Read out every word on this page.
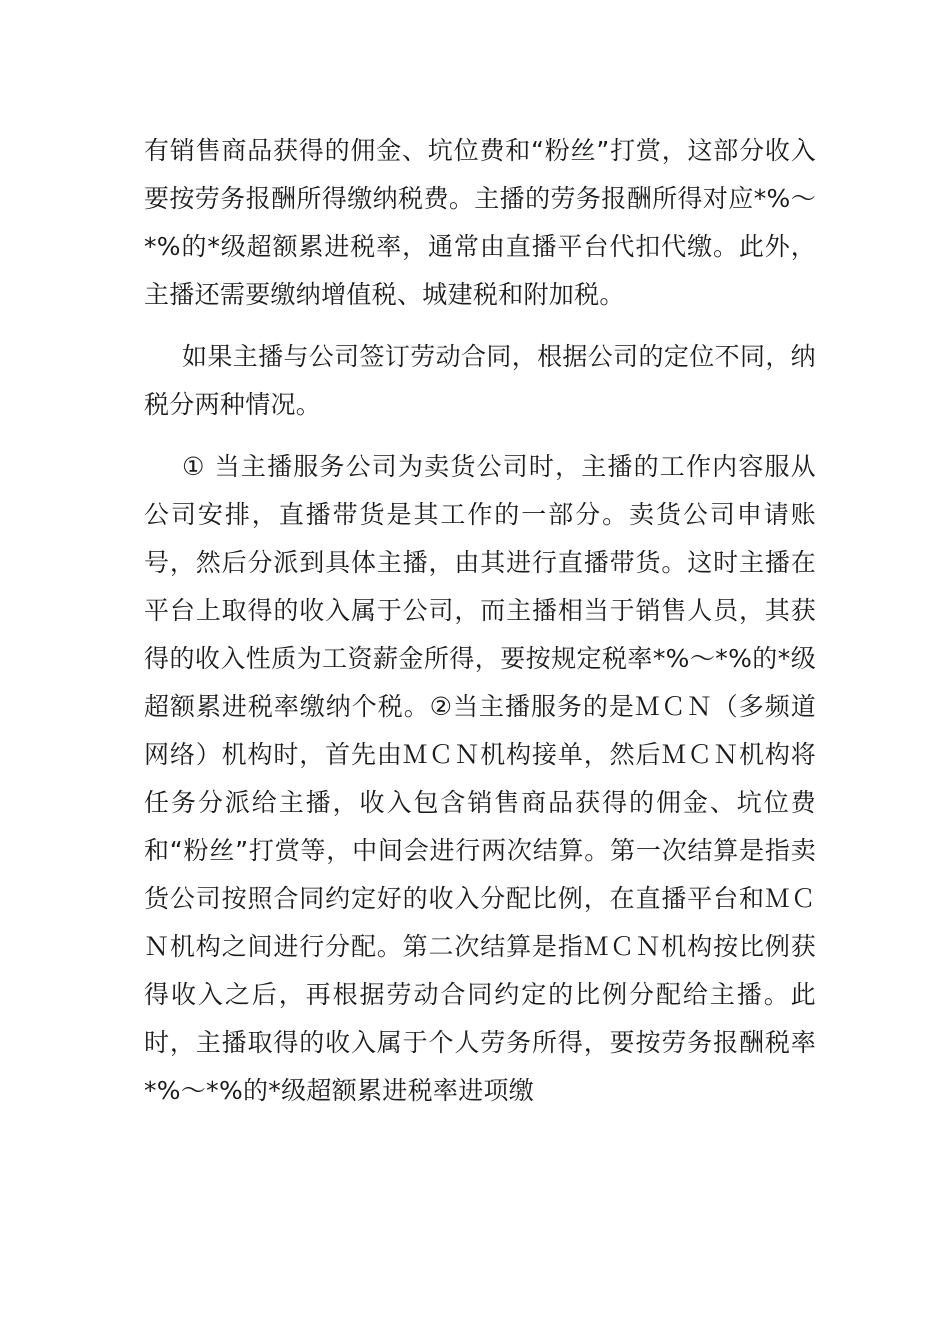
有销售商品获得的佣金、坑位费和“粉丝”打赏，这部分收入要按劳务报酬所得缴纳税费。主播的劳务报酬所得对应*%～*%的*级超额累进税率，通常由直播平台代扣代缴。此外，主播还需要缴纳增值税、城建税和附加税。

如果主播与公司签订劳动合同，根据公司的定位不同，纳税分两种情况。

① 当主播服务公司为卖货公司时，主播的工作内容服从公司安排，直播带货是其工作的一部分。卖货公司申请账号，然后分派到具体主播，由其进行直播带货。这时主播在平台上取得的收入属于公司，而主播相当于销售人员，其获得的收入性质为工资薪金所得，要按规定税率*%～*%的*级超额累进税率缴纳个税。②当主播服务的是ＭＣＮ（多频道网络）机构时，首先由ＭＣＮ机构接单，然后ＭＣＮ机构将任务分派给主播，收入包含销售商品获得的佣金、坑位费和“粉丝”打赏等，中间会进行两次结算。第一次结算是指卖货公司按照合同约定好的收入分配比例，在直播平台和ＭＣＮ机构之间进行分配。第二次结算是指ＭＣＮ机构按比例获得收入之后，再根据劳动合同约定的比例分配给主播。此时，主播取得的收入属于个人劳务所得，要按劳务报酬税率*%～*%的*级超额累进税率进项缴
